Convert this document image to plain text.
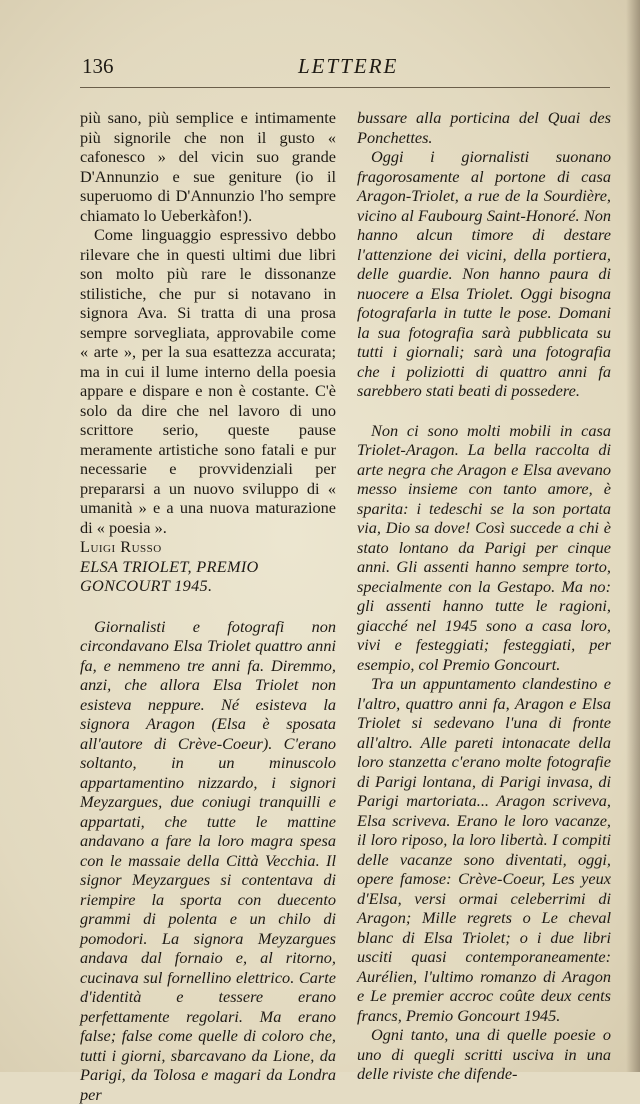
136	LETTERE

più sano, più semplice e intimamente più signorile che non il gusto « cafonesco » del vicin suo grande D'Annunzio e sue geniture (io il superuomo di D'Annunzio l'ho sempre chiamato lo Ueberkàfon!).

Come linguaggio espressivo debbo rilevare che in questi ultimi due libri son molto più rare le dissonanze stilistiche, che pur si notavano in signora Ava. Si tratta di una prosa sempre sorvegliata, approvabile come « arte », per la sua esattezza accurata; ma in cui il lume interno della poesia appare e dispare e non è costante. C'è solo da dire che nel lavoro di uno scrittore serio, queste pause meramente artistiche sono fatali e pur necessarie e provvidenziali per prepararsi a un nuovo sviluppo di « umanità » e a una nuova maturazione di « poesia ».

Luigi Russo

ELSA TRIOLET, PREMIO GONCOURT 1945.

Giornalisti e fotografi non circondavano Elsa Triolet quattro anni fa, e nemmeno tre anni fa. Diremmo, anzi, che allora Elsa Triolet non esisteva neppure. Né esisteva la signora Aragon (Elsa è sposata all'autore di Crève-Coeur). C'erano soltanto, in un minuscolo appartamentino nizzardo, i signori Meyzargues, due coniugi tranquilli e appartati, che tutte le mattine andavano a fare la loro magra spesa con le massaie della Città Vecchia. Il signor Meyzargues si contentava di riempire la sporta con duecento grammi di polenta e un chilo di pomodori. La signora Meyzargues andava dal fornaio e, al ritorno, cucinava sul fornellino elettrico. Carte d'identità e tessere erano perfettamente regolari. Ma erano false; false come quelle di coloro che, tutti i giorni, sbarcavano da Lione, da Parigi, da Tolosa e magari da Londra per

bussare alla porticina del Quai des Ponchettes.

Oggi i giornalisti suonano fragorosamente al portone di casa Aragon-Triolet, a rue de la Sourdière, vicino al Faubourg Saint-Honoré. Non hanno alcun timore di destare l'attenzione dei vicini, della portiera, delle guardie. Non hanno paura di nuocere a Elsa Triolet. Oggi bisogna fotografarla in tutte le pose. Domani la sua fotografia sarà pubblicata su tutti i giornali; sarà una fotografia che i poliziotti di quattro anni fa sarebbero stati beati di possedere.

Non ci sono molti mobili in casa Triolet-Aragon. La bella raccolta di arte negra che Aragon e Elsa avevano messo insieme con tanto amore, è sparita: i tedeschi se la son portata via, Dio sa dove! Così succede a chi è stato lontano da Parigi per cinque anni. Gli assenti hanno sempre torto, specialmente con la Gestapo. Ma no: gli assenti hanno tutte le ragioni, giacché nel 1945 sono a casa loro, vivi e festeggiati; festeggiati, per esempio, col Premio Goncourt.

Tra un appuntamento clandestino e l'altro, quattro anni fa, Aragon e Elsa Triolet si sedevano l'una di fronte all'altro. Alle pareti intonacate della loro stanzetta c'erano molte fotografie di Parigi lontana, di Parigi invasa, di Parigi martoriata... Aragon scriveva, Elsa scriveva. Erano le loro vacanze, il loro riposo, la loro libertà. I compiti delle vacanze sono diventati, oggi, opere famose: Crève-Coeur, Les yeux d'Elsa, versi ormai celeberrimi di Aragon; Mille regrets o Le cheval blanc di Elsa Triolet; o i due libri usciti quasi contemporaneamente: Aurélien, l'ultimo romanzo di Aragon e Le premier accroc coûte deux cents francs, Premio Goncourt 1945.

Ogni tanto, una di quelle poesie o uno di quegli scritti usciva in una delle riviste che difende-
